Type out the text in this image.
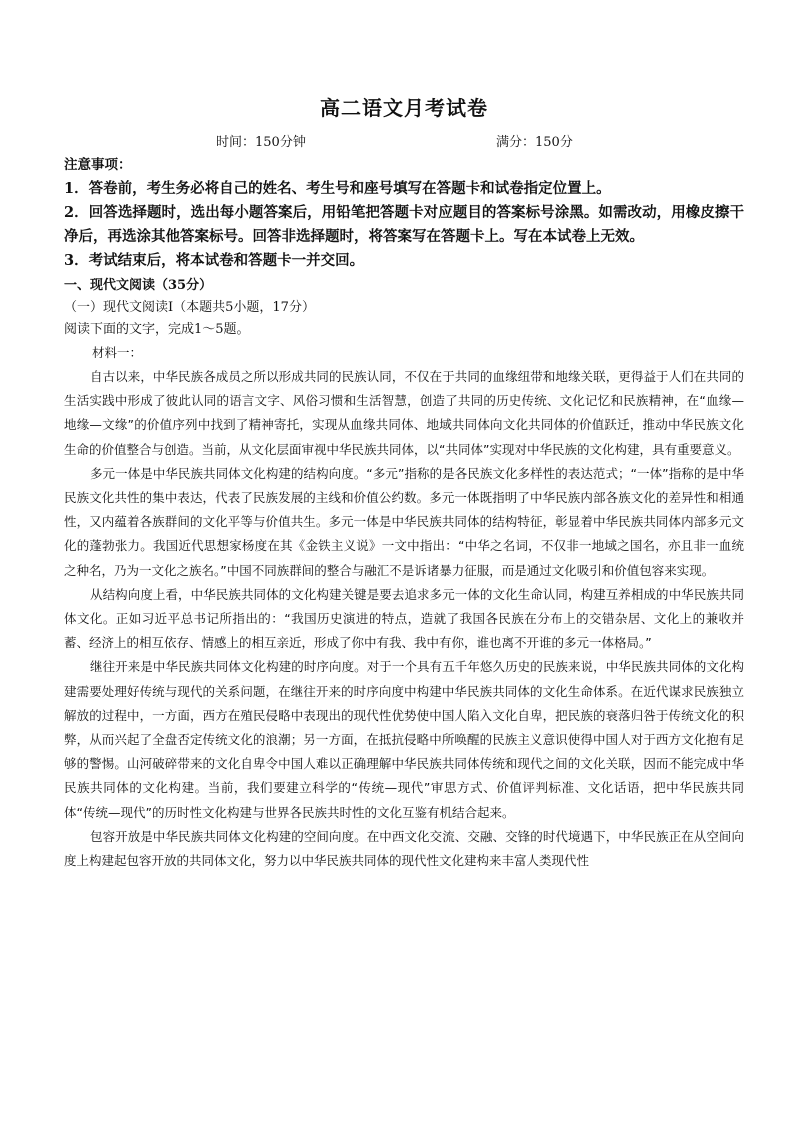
高二语文月考试卷
时间：150分钟	满分：150分
注意事项：

1．答卷前，考生务必将自己的姓名、考生号和座号填写在答题卡和试卷指定位置上。

2．回答选择题时，选出每小题答案后，用铅笔把答题卡对应题目的答案标号涂黑。如需改动，用橡皮擦干净后，再选涂其他答案标号。回答非选择题时，将答案写在答题卡上。写在本试卷上无效。

3．考试结束后，将本试卷和答题卡一并交回。

一、现代文阅读（35分）
（一）现代文阅读Ⅰ（本题共5小题，17分）
阅读下面的文字，完成1～5题。
材料一：

自古以来，中华民族各成员之所以形成共同的民族认同，不仅在于共同的血缘纽带和地缘关联，更得益于人们在共同的生活实践中形成了彼此认同的语言文字、风俗习惯和生活智慧，创造了共同的历史传统、文化记忆和民族精神，在“血缘—地缘—文缘”的价值序列中找到了精神寄托，实现从血缘共同体、地域共同体向文化共同体的价值跃迁，推动中华民族文化生命的价值整合与创造。当前，从文化层面审视中华民族共同体，以“共同体”实现对中华民族的文化构建，具有重要意义。

多元一体是中华民族共同体文化构建的结构向度。“多元”指称的是各民族文化多样性的表达范式；“一体”指称的是中华民族文化共性的集中表达，代表了民族发展的主线和价值公约数。多元一体既指明了中华民族内部各族文化的差异性和相通性，又内蕴着各族群间的文化平等与价值共生。多元一体是中华民族共同体的结构特征，彰显着中华民族共同体内部多元文化的蓬勃张力。我国近代思想家杨度在其《金铁主义说》一文中指出：“中华之名词，不仅非一地域之国名，亦且非一血统之种名，乃为一文化之族名。”中国不同族群间的整合与融汇不是诉诸暴力征服，而是通过文化吸引和价值包容来实现。

从结构向度上看，中华民族共同体的文化构建关键是要去追求多元一体的文化生命认同，构建互养相成的中华民族共同体文化。正如习近平总书记所指出的：“我国历史演进的特点，造就了我国各民族在分布上的交错杂居、文化上的兼收并蓄、经济上的相互依存、情感上的相互亲近，形成了你中有我、我中有你，谁也离不开谁的多元一体格局。”

继往开来是中华民族共同体文化构建的时序向度。对于一个具有五千年悠久历史的民族来说，中华民族共同体的文化构建需要处理好传统与现代的关系问题，在继往开来的时序向度中构建中华民族共同体的文化生命体系。在近代谋求民族独立解放的过程中，一方面，西方在殖民侵略中表现出的现代性优势使中国人陷入文化自卑，把民族的衰落归咎于传统文化的积弊，从而兴起了全盘否定传统文化的浪潮；另一方面，在抵抗侵略中所唤醒的民族主义意识使得中国人对于西方文化抱有足够的警惕。山河破碎带来的文化自卑令中国人难以正确理解中华民族共同体传统和现代之间的文化关联，因而不能完成中华民族共同体的文化构建。当前，我们要建立科学的“传统—现代”审思方式、价值评判标准、文化话语，把中华民族共同体“传统—现代”的历时性文化构建与世界各民族共时性的文化互鉴有机结合起来。

包容开放是中华民族共同体文化构建的空间向度。在中西文化交流、交融、交锋的时代境遇下，中华民族正在从空间向度上构建起包容开放的共同体文化，努力以中华民族共同体的现代性文化建构来丰富人类现代性
